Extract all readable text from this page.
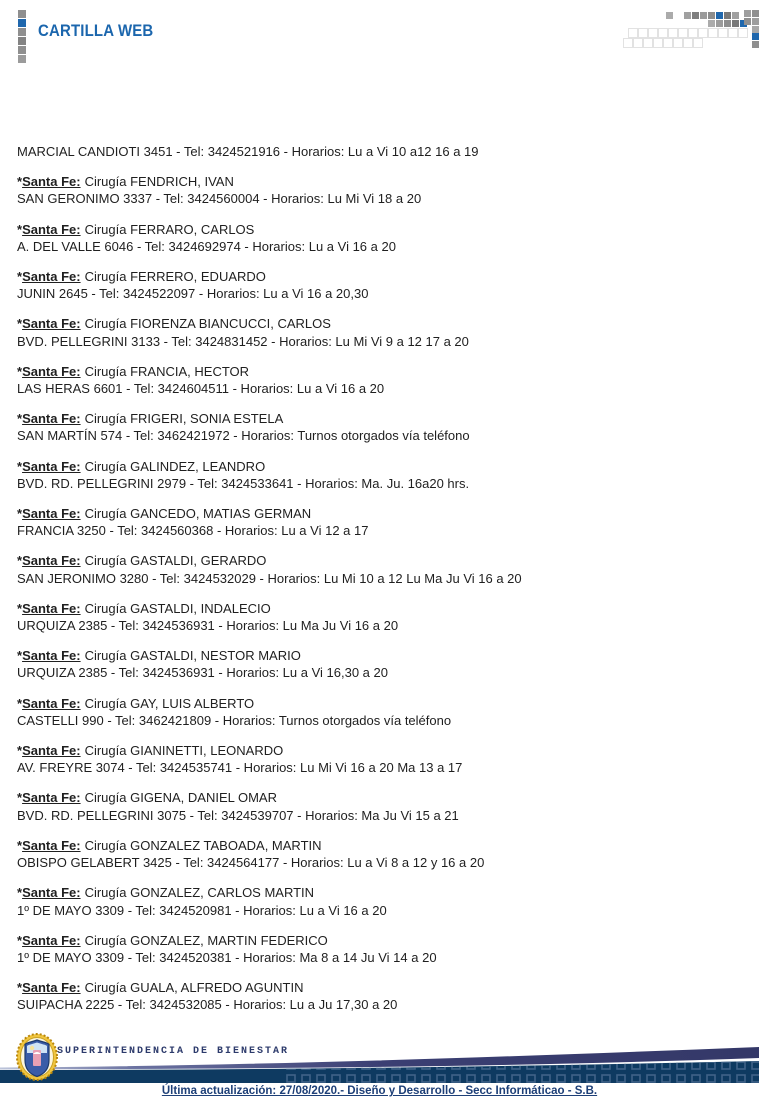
CARTILLA WEB

MARCIAL CANDIOTI 3451 - Tel: 3424521916 - Horarios: Lu a Vi 10 a12 16 a 19

*Santa Fe: Cirugía FENDRICH, IVAN
SAN GERONIMO 3337 - Tel: 3424560004 - Horarios: Lu Mi Vi 18 a 20
*Santa Fe: Cirugía FERRARO, CARLOS
A. DEL VALLE 6046 - Tel: 3424692974 - Horarios: Lu a Vi 16 a 20
*Santa Fe: Cirugía FERRERO, EDUARDO
JUNIN 2645 - Tel: 3424522097 - Horarios: Lu a Vi 16 a 20,30
*Santa Fe: Cirugía FIORENZA BIANCUCCI, CARLOS
BVD. PELLEGRINI 3133 - Tel: 3424831452 - Horarios: Lu Mi Vi 9 a 12 17 a 20
*Santa Fe: Cirugía FRANCIA, HECTOR
LAS HERAS 6601 - Tel: 3424604511 - Horarios: Lu a Vi 16 a 20
*Santa Fe: Cirugía FRIGERI, SONIA ESTELA
SAN MARTÍN 574 - Tel: 3462421972 - Horarios: Turnos otorgados vía teléfono
*Santa Fe: Cirugía GALINDEZ, LEANDRO
BVD. RD. PELLEGRINI 2979 - Tel: 3424533641 - Horarios: Ma. Ju. 16a20 hrs.
*Santa Fe: Cirugía GANCEDO, MATIAS GERMAN
FRANCIA 3250 - Tel: 3424560368 - Horarios: Lu a Vi 12 a 17
*Santa Fe: Cirugía GASTALDI, GERARDO
SAN JERONIMO 3280 - Tel: 3424532029 - Horarios: Lu Mi 10 a 12 Lu Ma Ju Vi 16 a 20
*Santa Fe: Cirugía GASTALDI, INDALECIO
URQUIZA 2385 - Tel: 3424536931 - Horarios: Lu Ma Ju Vi 16 a 20
*Santa Fe: Cirugía GASTALDI, NESTOR MARIO
URQUIZA 2385 - Tel: 3424536931 - Horarios: Lu a Vi 16,30 a 20
*Santa Fe: Cirugía GAY, LUIS ALBERTO
CASTELLI 990 - Tel: 3462421809 - Horarios: Turnos otorgados vía teléfono
*Santa Fe: Cirugía GIANINETTI, LEONARDO
AV. FREYRE 3074 - Tel: 3424535741 - Horarios: Lu Mi Vi 16 a 20 Ma 13 a 17
*Santa Fe: Cirugía GIGENA, DANIEL OMAR
BVD. RD. PELLEGRINI 3075 - Tel: 3424539707 - Horarios: Ma Ju Vi 15 a 21
*Santa Fe: Cirugía GONZALEZ TABOADA, MARTIN
OBISPO GELABERT 3425 - Tel: 3424564177 - Horarios: Lu a Vi 8 a 12 y 16 a 20
*Santa Fe: Cirugía GONZALEZ, CARLOS MARTIN
1º DE MAYO 3309 - Tel: 3424520981 - Horarios: Lu a Vi 16 a 20
*Santa Fe: Cirugía GONZALEZ, MARTIN FEDERICO
1º DE MAYO 3309 - Tel: 3424520381 - Horarios: Ma 8 a 14 Ju Vi 14 a 20
*Santa Fe: Cirugía GUALA, ALFREDO AGUNTIN
SUIPACHA 2225 - Tel: 3424532085 - Horarios: Lu a Ju 17,30 a 20
SUPERINTENDENCIA DE BIENESTAR
Última actualización: 27/08/2020.- Diseño y Desarrollo - Secc Informáticao - S.B.
